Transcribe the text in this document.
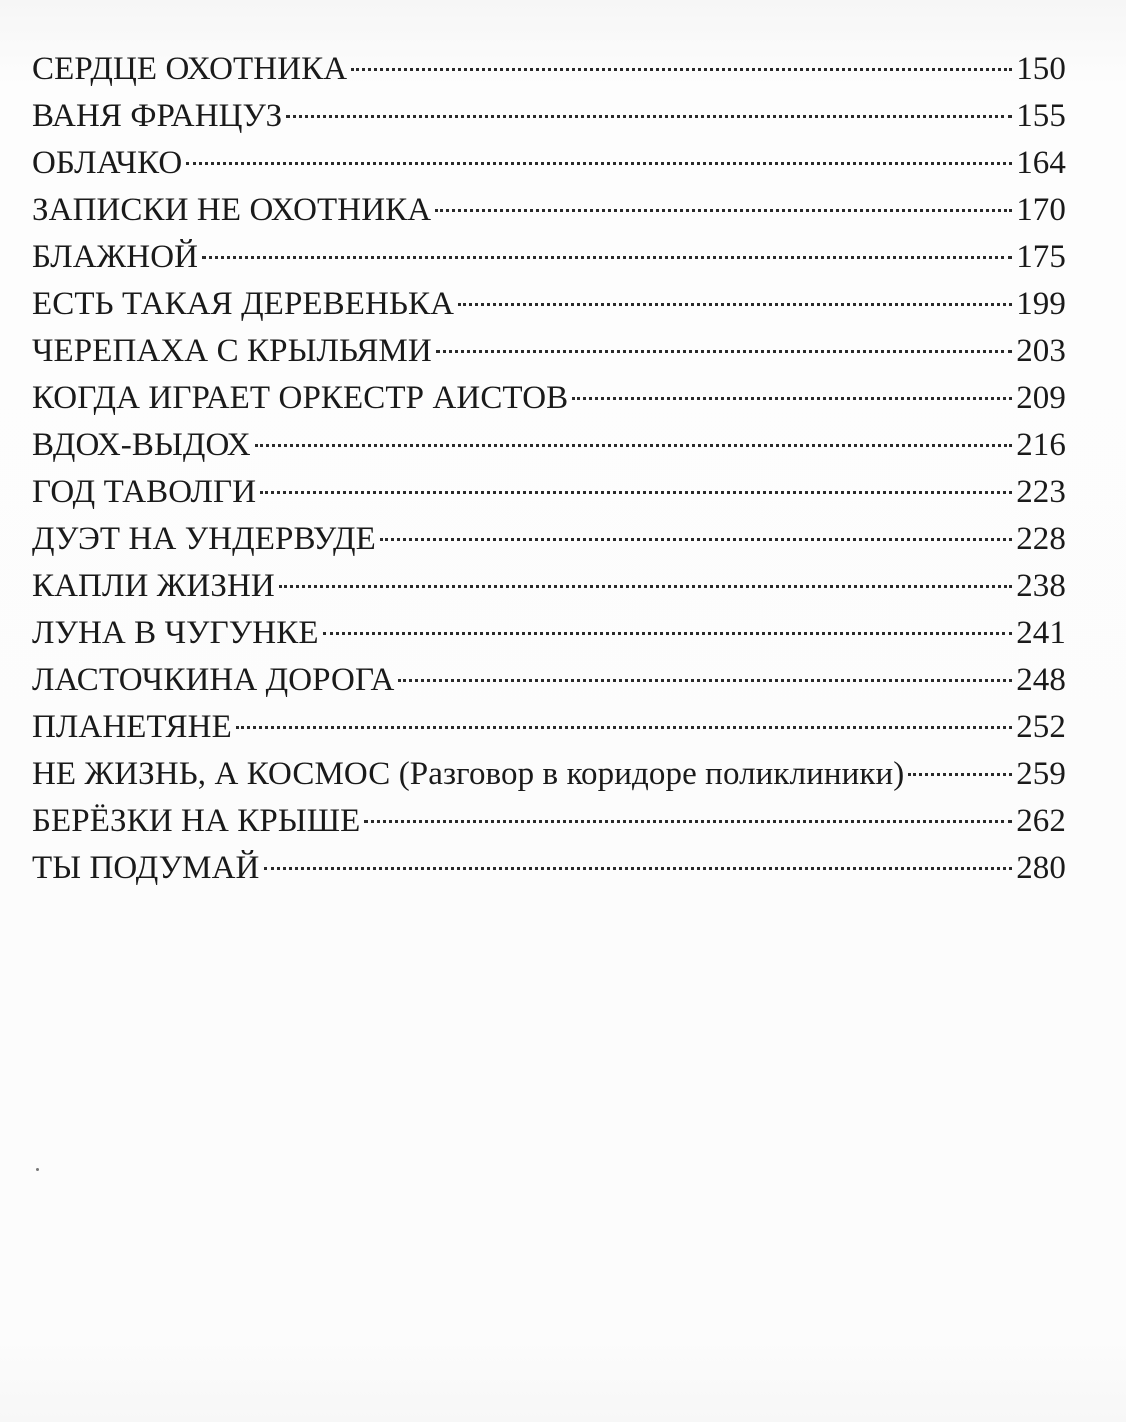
СЕРДЦЕ ОХОТНИКА	150
ВАНЯ ФРАНЦУЗ	155
ОБЛАЧКО	164
ЗАПИСКИ НЕ ОХОТНИКА	170
БЛАЖНОЙ	175
ЕСТЬ ТАКАЯ ДЕРЕВЕНЬКА	199
ЧЕРЕПАХА С КРЫЛЬЯМИ	203
КОГДА ИГРАЕТ ОРКЕСТР АИСТОВ	209
ВДОХ-ВЫДОХ	216
ГОД ТАВОЛГИ	223
ДУЭТ НА УНДЕРВУДЕ	228
КАПЛИ ЖИЗНИ	238
ЛУНА В ЧУГУНКЕ	241
ЛАСТОЧКИНА ДОРОГА	248
ПЛАНЕТЯНЕ	252
НЕ ЖИЗНЬ, А КОСМОС (Разговор в коридоре поликлиники)	259
БЕРЁЗКИ НА КРЫШЕ	262
ТЫ ПОДУМАЙ	280
